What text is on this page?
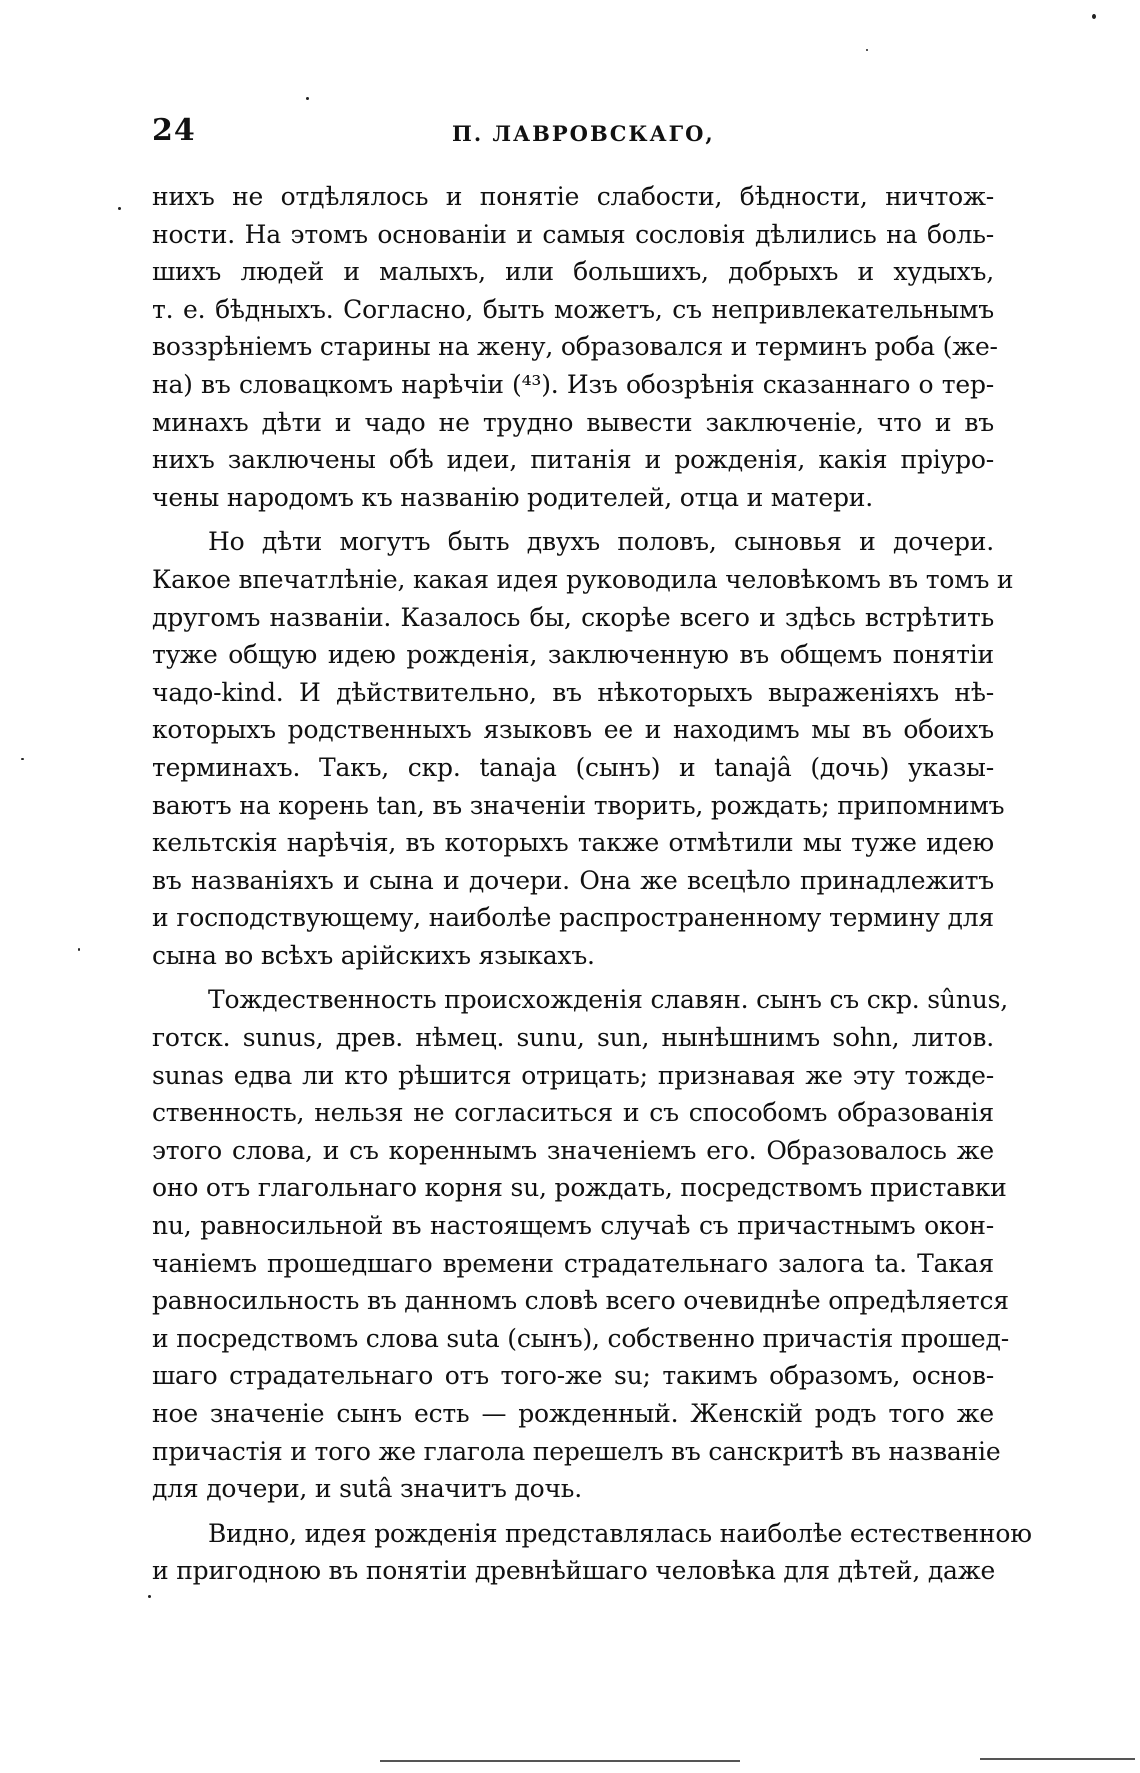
24	П. ЛАВРОВСКАГО,
нихъ не отдѣлялось и понятіе слабости, бѣдности, ничтож-
ности. На этомъ основаніи и самыя сословія дѣлились на боль-
шихъ людей и малыхъ, или большихъ, добрыхъ и худыхъ,
т. е. бѣдныхъ. Согласно, быть можетъ, съ непривлекательнымъ
воззрѣніемъ старины на жену, образовался и терминъ роба (же-
на) въ словацкомъ нарѣчіи (⁴³). Изъ обозрѣнія сказаннаго о тер-
минахъ дѣти и чадо не трудно вывести заключеніе, что и въ
нихъ заключены обѣ идеи, питанія и рожденія, какія пріуро-
чены народомъ къ названію родителей, отца и матери.
Но дѣти могутъ быть двухъ половъ, сыновья и дочери.
Какое впечатлѣніе, какая идея руководила человѣкомъ въ томъ и
другомъ названіи. Казалось бы, скорѣе всего и здѣсь встрѣтить
туже общую идею рожденія, заключенную въ общемъ понятіи
чадо-kind. И дѣйствительно, въ нѣкоторыхъ выраженіяхъ нѣ-
которыхъ родственныхъ языковъ ее и находимъ мы въ обоихъ
терминахъ. Такъ, скр. tanaja (сынъ) и tanajâ (дочь) указы-
ваютъ на корень tan, въ значеніи творить, рождать; припомнимъ
кельтскія нарѣчія, въ которыхъ также отмѣтили мы туже идею
въ названіяхъ и сына и дочери. Она же всецѣло принадлежитъ
и господствующему, наиболѣе распространенному термину для
сына во всѣхъ арійскихъ языкахъ.
Тождественность происхожденія славян. сынъ съ скр. sûnus,
готск. sunus, древ. нѣмец. sunu, sun, нынѣшнимъ sohn, литов.
sunas едва ли кто рѣшится отрицать; признавая же эту тожде-
ственность, нельзя не согласиться и съ способомъ образованія
этого слова, и съ кореннымъ значеніемъ его. Образовалось же
оно отъ глагольнаго корня su, рождать, посредствомъ приставки
nu, равносильной въ настоящемъ случаѣ съ причастнымъ окон-
чаніемъ прошедшаго времени страдательнаго залога ta. Такая
равносильность въ данномъ словѣ всего очевиднѣе опредѣляется
и посредствомъ слова suta (сынъ), собственно причастія прошед-
шаго страдательнаго отъ того-же su; такимъ образомъ, основ-
ное значеніе сынъ есть — рожденный. Женскій родъ того же
причастія и того же глагола перешелъ въ санскритѣ въ названіе
для дочери, и sutâ значитъ дочь.
Видно, идея рожденія представлялась наиболѣе естественною
и пригодною въ понятіи древнѣйшаго человѣка для дѣтей, даже
